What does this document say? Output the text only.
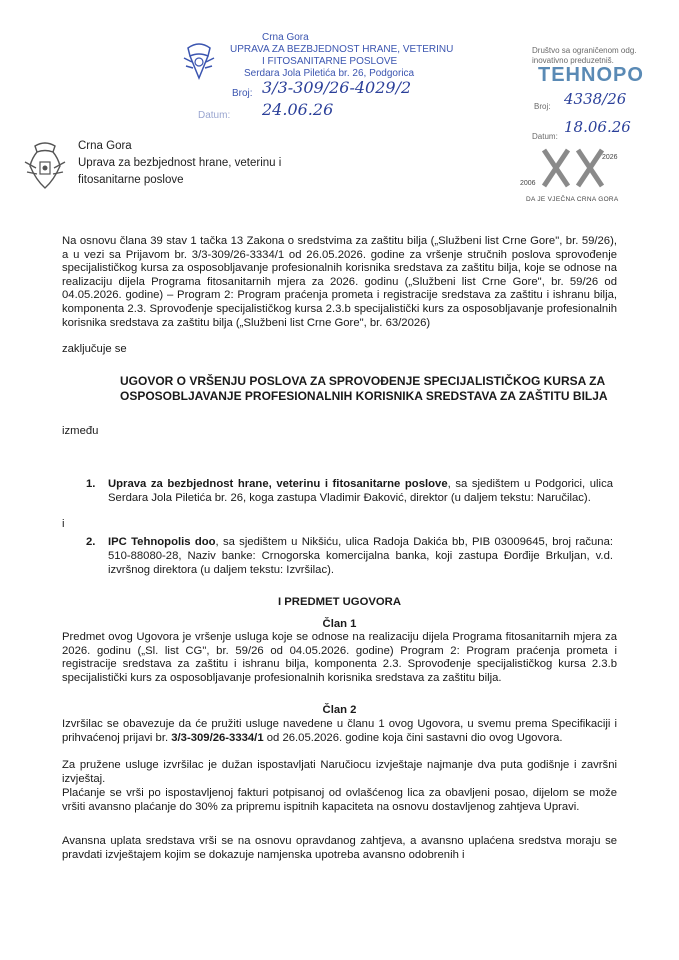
Crna Gora
UPRAVA ZA BEZBJEDNOST HRANE, VETERINU
I FITOSANITARNE POSLOVE
Serdara Jola Piletića br. 26, Podgorica
Broj: 3/3-309/26-4029/2
Datum: 24.06.26
Društvo sa ograničenom odg.
inovativno preduzetniš.
TEHNOPO
Broj: 4338/26
Datum:
18.06.26
2026
2006
DA JE VJEČNA CRNA GORA
Crna Gora
Uprava za bezbjednost hrane, veterinu i
fitosanitarne poslove
Na osnovu člana 39 stav 1 tačka 13 Zakona o sredstvima za zaštitu bilja („Službeni list Crne Gore", br. 59/26), a u vezi sa Prijavom br. 3/3-309/26-3334/1 od 26.05.2026. godine za vršenje stručnih poslova sprovođenje specijalističkog kursa za osposobljavanje profesionalnih korisnika sredstava za zaštitu bilja, koje se odnose na realizaciju dijela Programa fitosanitarnih mjera za 2026. godinu („Službeni list Crne Gore", br. 59/26 od 04.05.2026. godine) – Program 2: Program praćenja prometa i registracije sredstava za zaštitu i ishranu bilja, komponenta 2.3. Sprovođenje specijalističkog kursa 2.3.b specijalistički kurs za osposobljavanje profesionalnih korisnika sredstava za zaštitu bilja („Službeni list Crne Gore", br. 63/2026)
zaključuje se
UGOVOR O VRŠENJU POSLOVA ZA SPROVOĐENJE SPECIJALISTIČKOG KURSA ZA OSPOSOBLJAVANJE PROFESIONALNIH KORISNIKA SREDSTAVA ZA ZAŠTITU BILJA
između
1. Uprava za bezbjednost hrane, veterinu i fitosanitarne poslove, sa sjedištem u Podgorici, ulica Serdara Jola Piletića br. 26, koga zastupa Vladimir Đaković, direktor (u daljem tekstu: Naručilac).
i
2. IPC Tehnopolis doo, sa sjedištem u Nikšiću, ulica Radoja Dakića bb, PIB 03009645, broj računa: 510-88080-28, Naziv banke: Crnogorska komercijalna banka, koji zastupa Đorđije Brkuljan, v.d. izvršnog direktora (u daljem tekstu: Izvršilac).
I PREDMET UGOVORA
Član 1
Predmet ovog Ugovora je vršenje usluga koje se odnose na realizaciju dijela Programa fitosanitarnih mjera za 2026. godinu („Sl. list CG", br. 59/26 od 04.05.2026. godine) Program 2: Program praćenja prometa i registracije sredstava za zaštitu i ishranu bilja, komponenta 2.3. Sprovođenje specijalističkog kursa 2.3.b specijalistički kurs za osposobljavanje profesionalnih korisnika sredstava za zaštitu bilja.
Član 2
Izvršilac se obavezuje da će pružiti usluge navedene u članu 1 ovog Ugovora, u svemu prema Specifikaciji i prihvaćenoj prijavi br. 3/3-309/26-3334/1 od 26.05.2026. godine koja čini sastavni dio ovog Ugovora.
Za pružene usluge izvršilac je dužan ispostavljati Naručiocu izvještaje najmanje dva puta godišnje i završni izvještaj.
Plaćanje se vrši po ispostavljenoj fakturi potpisanoj od ovlašćenog lica za obavljeni posao, dijelom se može vršiti avansno plaćanje do 30% za pripremu ispitnih kapaciteta na osnovu dostavljenog zahtjeva Upravi.
Avansna uplata sredstava vrši se na osnovu opravdanog zahtjeva, a avansno uplaćena sredstva moraju se pravdati izvještajem kojim se dokazuje namjenska upotreba avansno odobrenih i
